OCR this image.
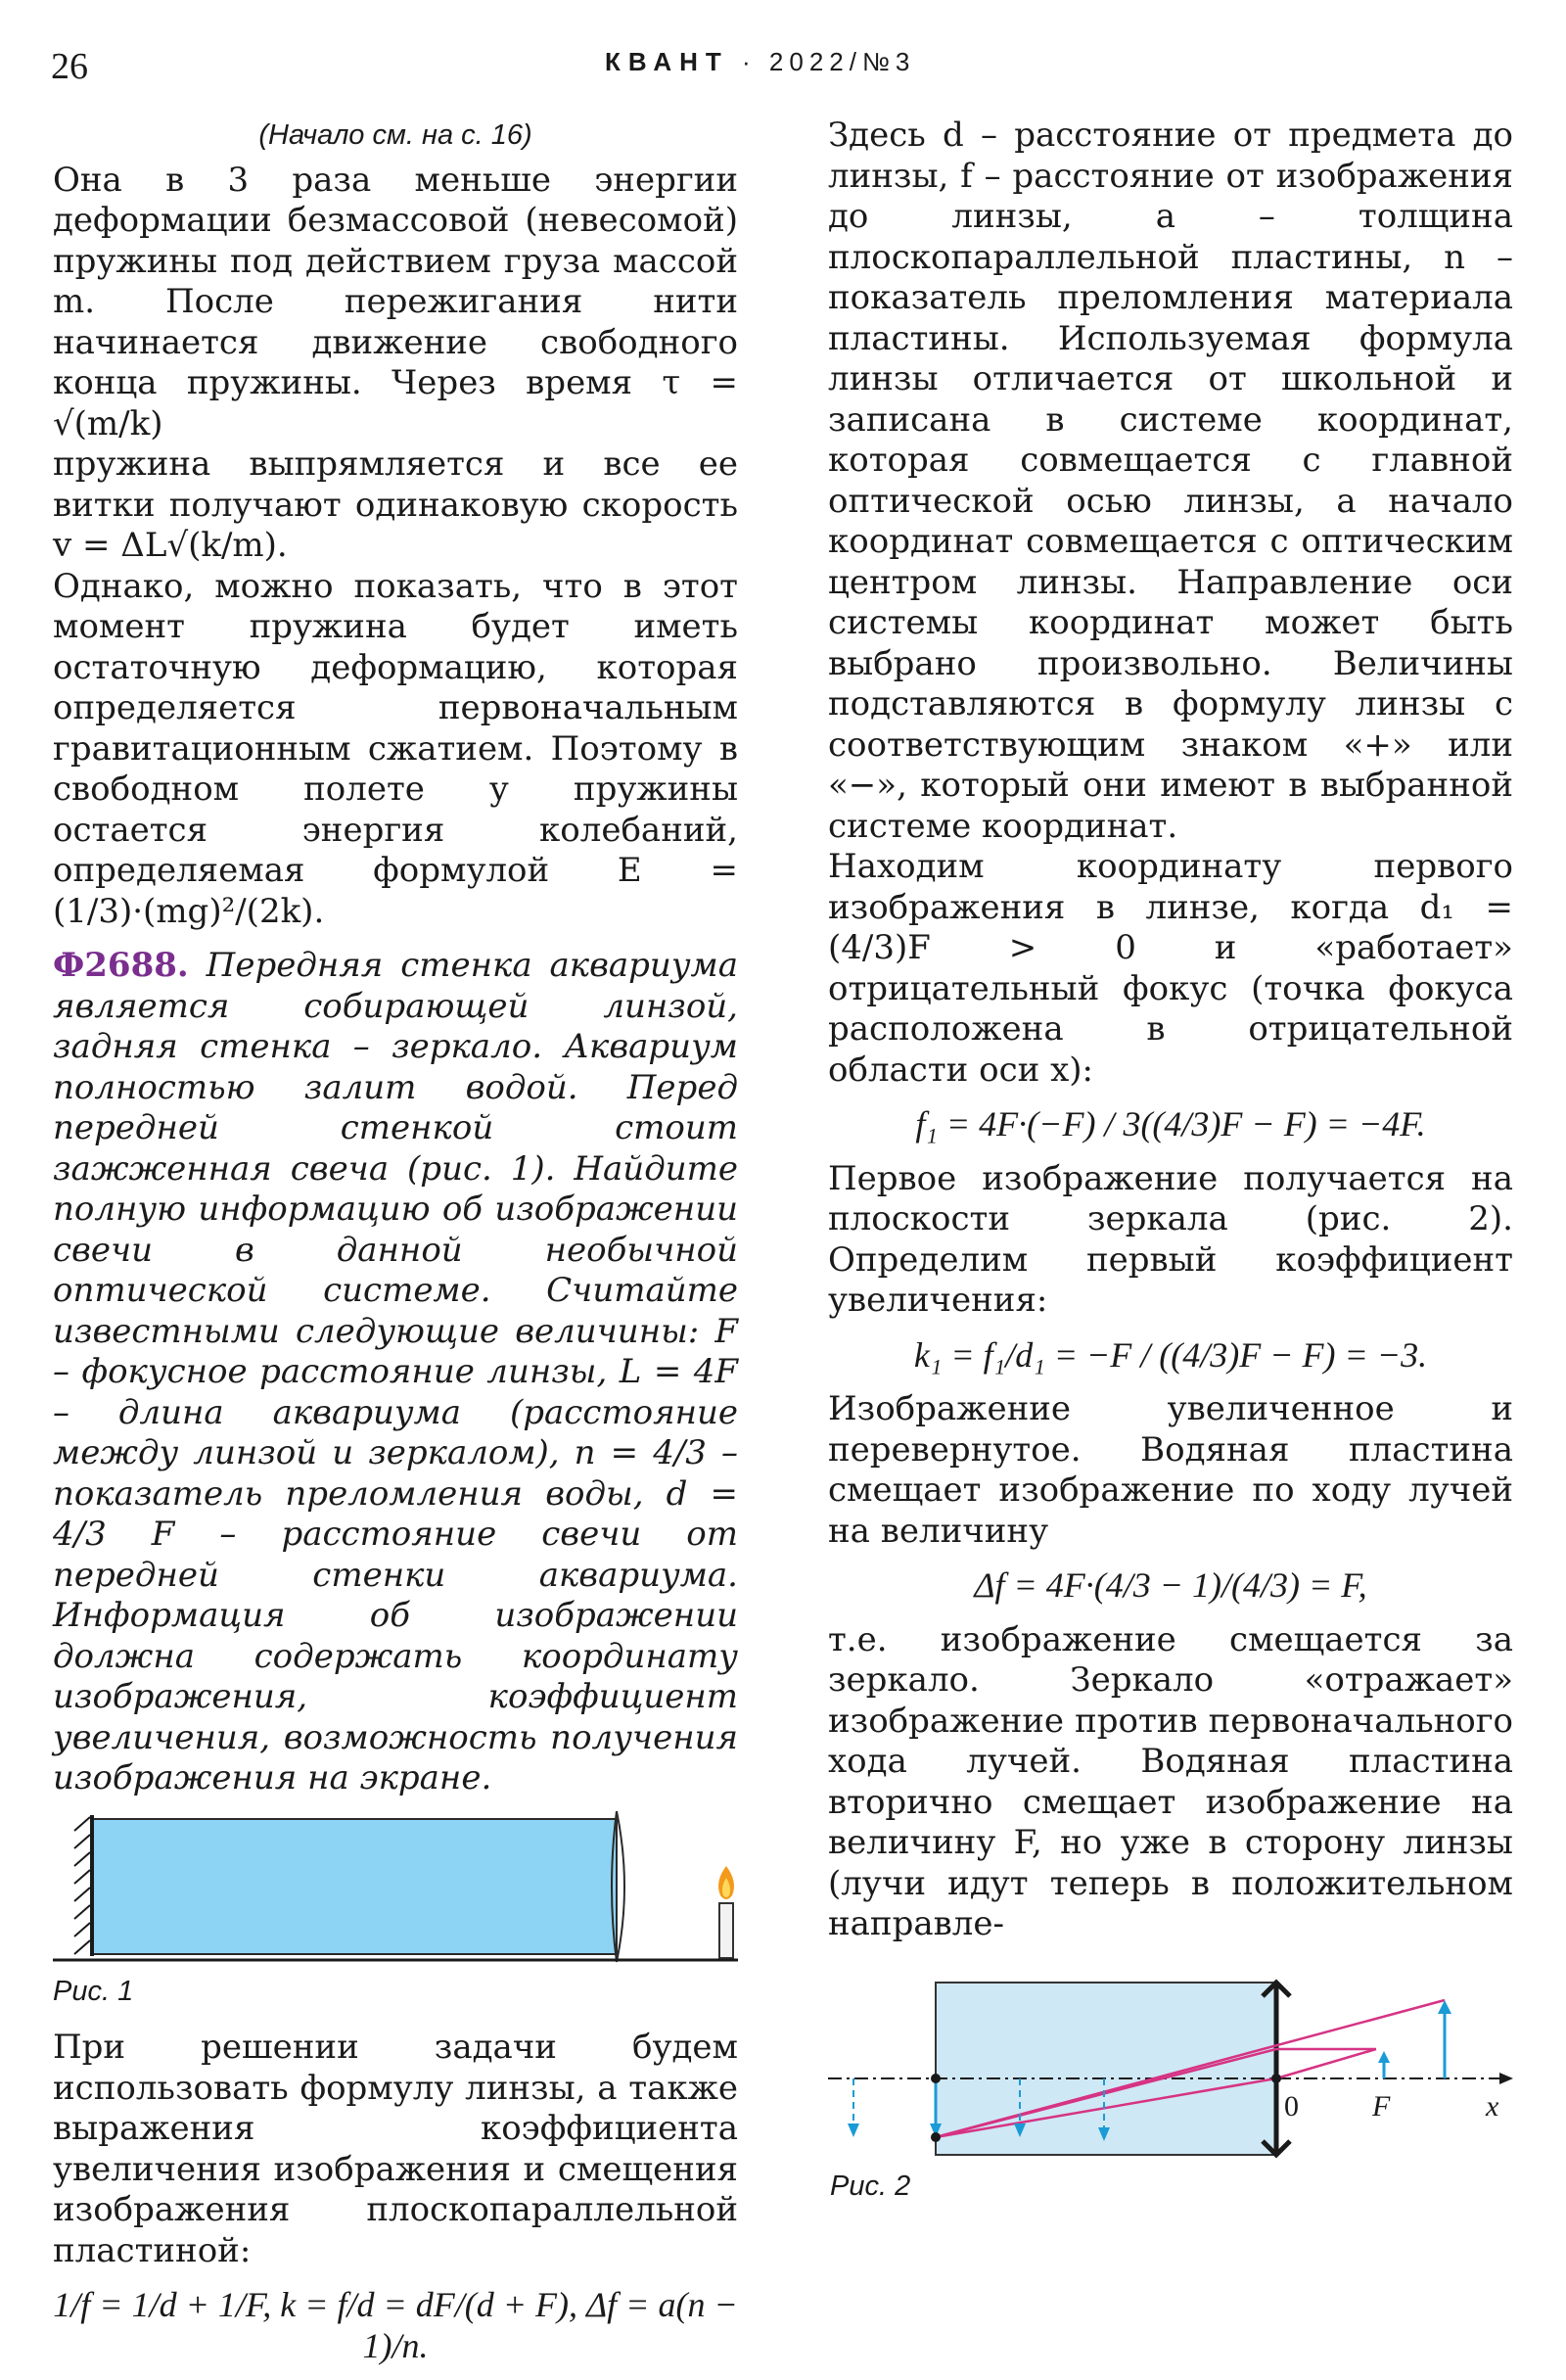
26	КВАНТ · 2022/№3

(Начало см. на с. 16)

Она в 3 раза меньше энергии деформации безмассовой (невесомой) пружины под действием груза массой m. После пережигания нити начинается движение свободного конца пружины. Через время τ = √(m/k)

пружина выпрямляется и все ее витки получают одинаковую скорость v = ΔL√(k/m).

Однако, можно показать, что в этот момент пружина будет иметь остаточную деформацию, которая определяется первоначальным гравитационным сжатием. Поэтому в свободном полете у пружины остается энергия колебаний, определяемая формулой E = (1/3)·(mg)²/(2k).

Ф2688. Передняя стенка аквариума является собирающей линзой, задняя стенка – зеркало. Аквариум полностью залит водой. Перед передней стенкой стоит зажженная свеча (рис. 1). Найдите полную информацию об изображении свечи в данной необычной оптической системе. Считайте известными следующие величины: F – фокусное расстояние линзы, L = 4F – длина аквариума (расстояние между линзой и зеркалом), n = 4/3 – показатель преломления воды, d = 4/3 F – расстояние свечи от передней стенки аквариума. Информация об изображении должна содержать координату изображения, коэффициент увеличения, возможность получения изображения на экране.

Рис. 1

При решении задачи будем использовать формулу линзы, а также выражения коэффициента увеличения изображения и смещения изображения плоскопараллельной пластиной:

1/f = 1/d + 1/F, k = f/d = dF/(d + F), Δf = a(n − 1)/n.

Здесь d – расстояние от предмета до линзы, f – расстояние от изображения до линзы, a – толщина плоскопараллельной пластины, n – показатель преломления материала пластины. Используемая формула линзы отличается от школьной и записана в системе координат, которая совмещается с главной оптической осью линзы, а начало координат совмещается с оптическим центром линзы. Направление оси системы координат может быть выбрано произвольно. Величины подставляются в формулу линзы с соответствующим знаком «+» или «−», который они имеют в выбранной системе координат.

Находим координату первого изображения в линзе, когда d₁ = (4/3)F > 0 и «работает» отрицательный фокус (точка фокуса расположена в отрицательной области оси x):

f₁ = 4F·(−F) / 3((4/3)F − F) = −4F.

Первое изображение получается на плоскости зеркала (рис. 2). Определим первый коэффициент увеличения:

k₁ = f₁/d₁ = −F / ((4/3)F − F) = −3.

Изображение увеличенное и перевернутое. Водяная пластина смещает изображение по ходу лучей на величину

Δf = 4F·(4/3 − 1)/(4/3) = F,

т.е. изображение смещается за зеркало. Зеркало «отражает» изображение против первоначального хода лучей. Водяная пластина вторично смещает изображение на величину F, но уже в сторону линзы (лучи идут теперь в положительном направле-

0	F	x

Рис. 2
